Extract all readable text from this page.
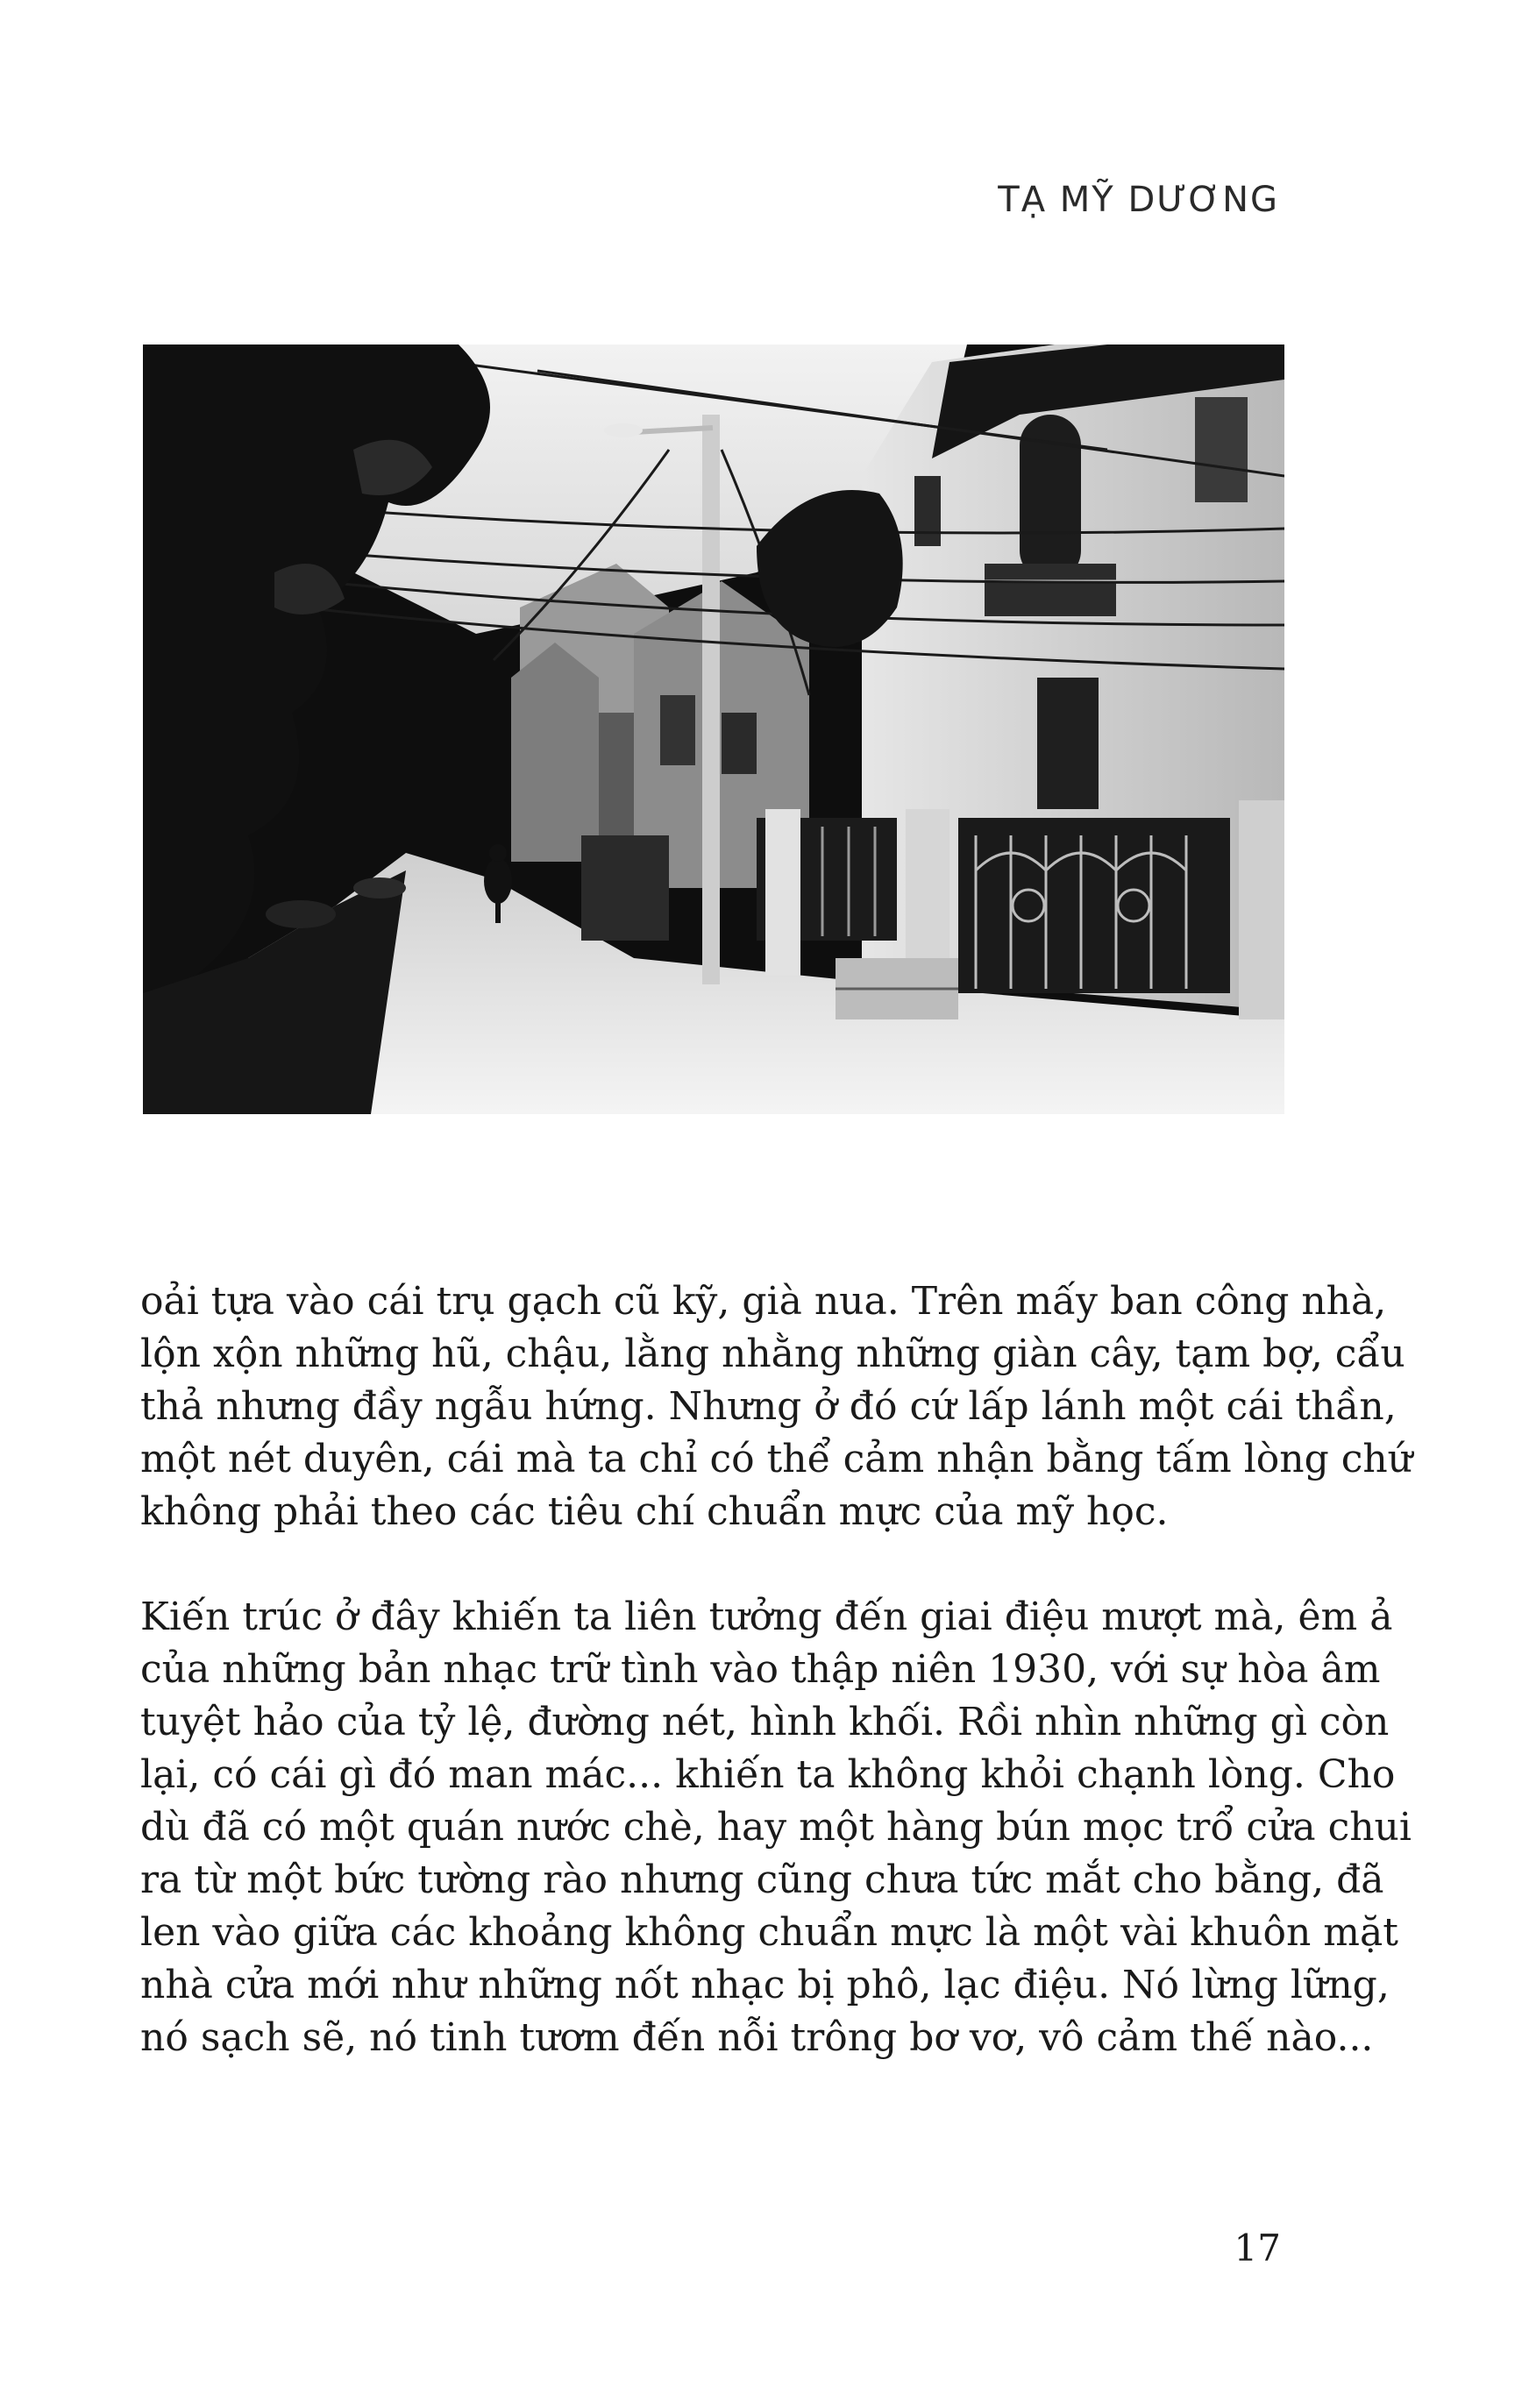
TẠ MỸ DƯƠNG

oải tựa vào cái trụ gạch cũ kỹ, già nua. Trên mấy ban công nhà,
lộn xộn những hũ, chậu, lằng nhằng những giàn cây, tạm bợ, cẩu
thả nhưng đầy ngẫu hứng. Nhưng ở đó cứ lấp lánh một cái thần,
một nét duyên, cái mà ta chỉ có thể cảm nhận bằng tấm lòng chứ
không phải theo các tiêu chí chuẩn mực của mỹ học.

Kiến trúc ở đây khiến ta liên tưởng đến giai điệu mượt mà, êm ả
của những bản nhạc trữ tình vào thập niên 1930, với sự hòa âm
tuyệt hảo của tỷ lệ, đường nét, hình khối. Rồi nhìn những gì còn
lại, có cái gì đó man mác... khiến ta không khỏi chạnh lòng. Cho
dù đã có một quán nước chè, hay một hàng bún mọc trổ cửa chui
ra từ một bức tường rào nhưng cũng chưa tức mắt cho bằng, đã
len vào giữa các khoảng không chuẩn mực là một vài khuôn mặt
nhà cửa mới như những nốt nhạc bị phô, lạc điệu. Nó lừng lững,
nó sạch sẽ, nó tinh tươm đến nỗi trông bơ vơ, vô cảm thế nào...

17
